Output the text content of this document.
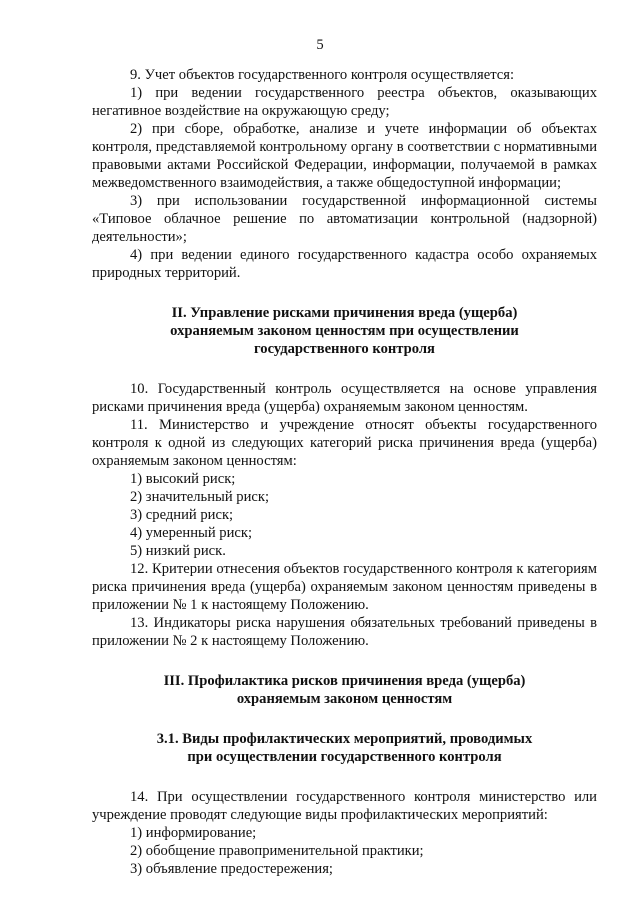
5

9. Учет объектов государственного контроля осуществляется:

1) при ведении государственного реестра объектов, оказывающих негативное воздействие на окружающую среду;

2) при сборе, обработке, анализе и учете информации об объектах контроля, представляемой контрольному органу в соответствии с нормативными правовыми актами Российской Федерации, информации, получаемой в рамках межведомственного взаимодействия, а также общедоступной информации;

3) при использовании государственной информационной системы «Типовое облачное решение по автоматизации контрольной (надзорной) деятельности»;

4) при ведении единого государственного кадастра особо охраняемых природных территорий.

II. Управление рисками причинения вреда (ущерба)
охраняемым законом ценностям при осуществлении
государственного контроля

10. Государственный контроль осуществляется на основе управления рисками причинения вреда (ущерба) охраняемым законом ценностям.

11. Министерство и учреждение относят объекты государственного контроля к одной из следующих категорий риска причинения вреда (ущерба) охраняемым законом ценностям:

1) высокий риск;

2) значительный риск;

3) средний риск;

4) умеренный риск;

5) низкий риск.

12. Критерии отнесения объектов государственного контроля к категориям риска причинения вреда (ущерба) охраняемым законом ценностям приведены в приложении № 1 к настоящему Положению.

13. Индикаторы риска нарушения обязательных требований приведены в приложении № 2 к настоящему Положению.

III. Профилактика рисков причинения вреда (ущерба)
охраняемым законом ценностям
3.1. Виды профилактических мероприятий, проводимых
при осуществлении государственного контроля

14. При осуществлении государственного контроля министерство или учреждение проводят следующие виды профилактических мероприятий:

1) информирование;

2) обобщение правоприменительной практики;

3) объявление предостережения;
